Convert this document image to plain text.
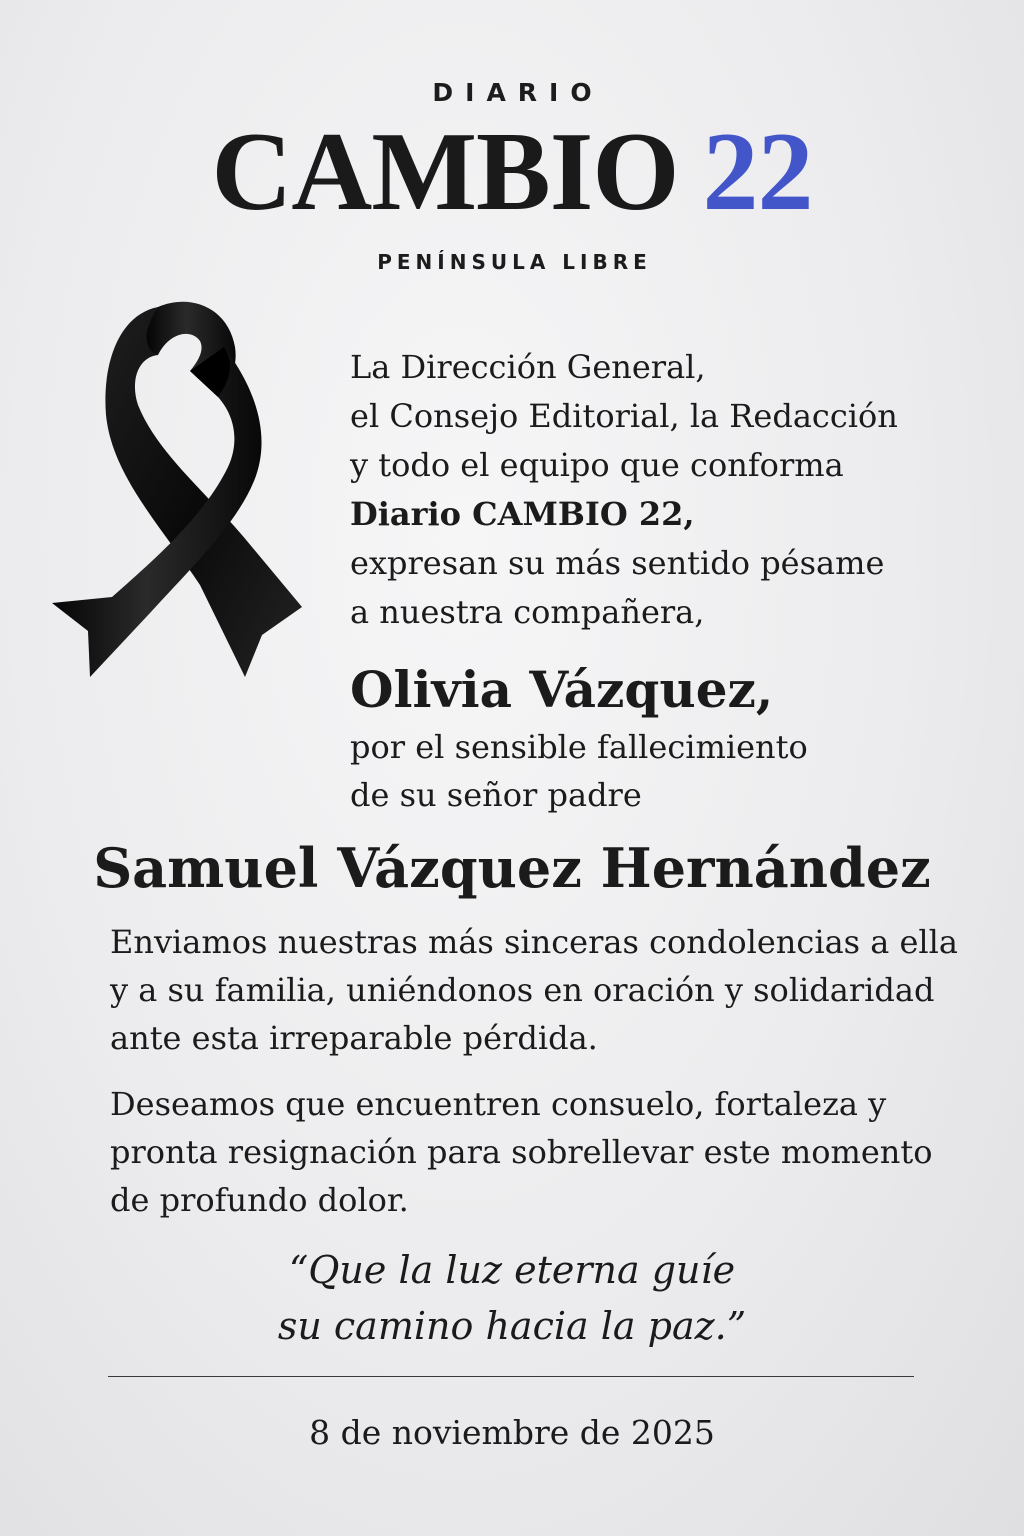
DIARIO
CAMBIO 22
PENÍNSULA LIBRE
La Dirección General,
el Consejo Editorial, la Redacción
y todo el equipo que conforma
Diario CAMBIO 22,
expresan su más sentido pésame
a nuestra compañera,
Olivia Vázquez,
por el sensible fallecimiento
de su señor padre
Samuel Vázquez Hernández
Enviamos nuestras más sinceras condolencias a ella
y a su familia, uniéndonos en oración y solidaridad
ante esta irreparable pérdida.
Deseamos que encuentren consuelo, fortaleza y
pronta resignación para sobrellevar este momento
de profundo dolor.
“Que la luz eterna guíe
su camino hacia la paz.”
8 de noviembre de 2025
